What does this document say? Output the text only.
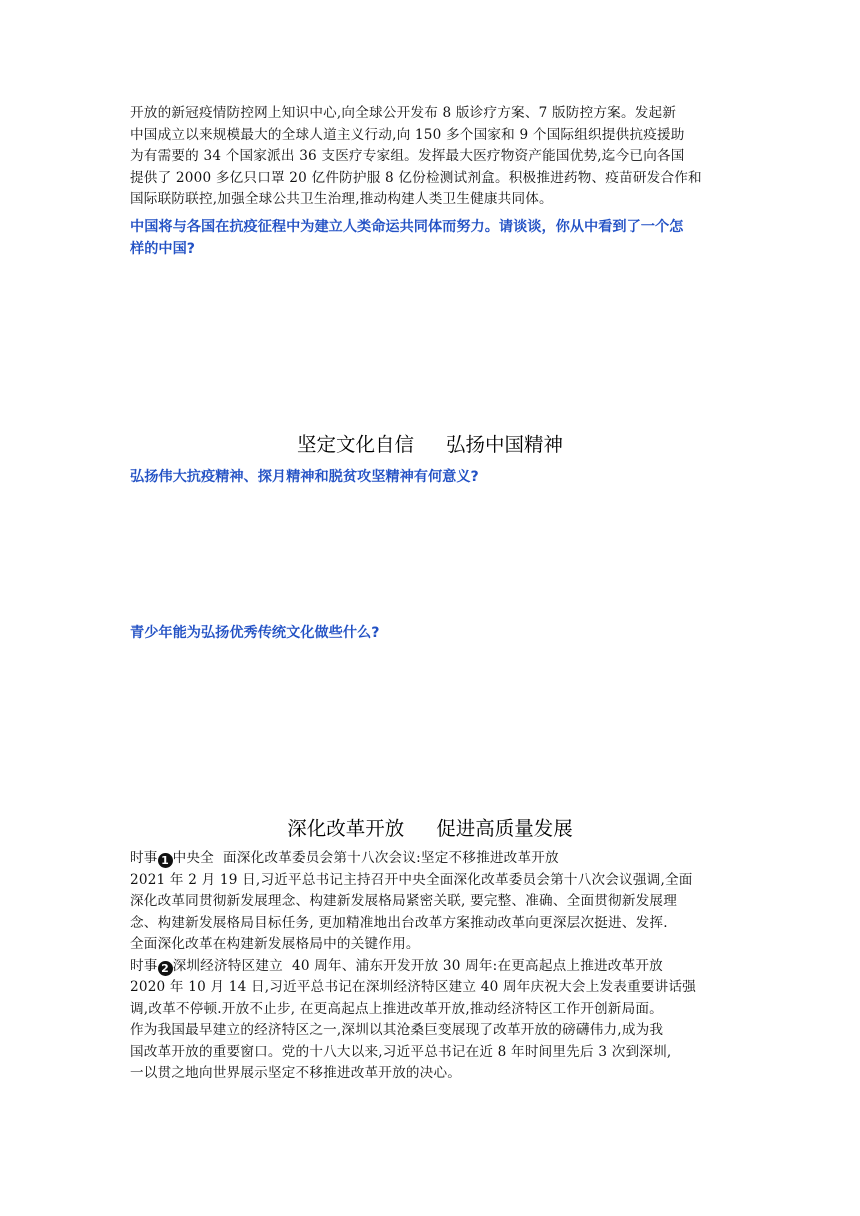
开放的新冠疫情防控网上知识中心,向全球公开发布 8 版诊疗方案、7 版防控方案。发起新
中国成立以来规模最大的全球人道主义行动,向 150 多个国家和 9 个国际组织提供抗疫援助
为有需要的 34 个国家派出 36 支医疗专家组。发挥最大医疗物资产能国优势,迄今已向各国
提供了 2000 多亿只口罩 20 亿件防护服 8 亿份检测试剂盒。积极推进药物、疫苗研发合作和
国际联防联控,加强全球公共卫生治理,推动构建人类卫生健康共同体。
中国将与各国在抗疫征程中为建立人类命运共同体而努力。请谈谈，你从中看到了一个怎
样的中国?
坚定文化自信 弘扬中国精神
弘扬伟大抗疫精神、探月精神和脱贫攻坚精神有何意义?
青少年能为弘扬优秀传统文化做些什么?
深化改革开放 促进高质量发展
时事 1 中央全  面深化改革委员会第十八次会议:坚定不移推进改革开放
2021 年 2 月 19 日,习近平总书记主持召开中央全面深化改革委员会第十八次会议强调,全面
深化改革同贯彻新发展理念、构建新发展格局紧密关联, 要完整、准确、全面贯彻新发展理
念、构建新发展格局目标任务, 更加精准地出台改革方案推动改革向更深层次挺进、发挥.
全面深化改革在构建新发展格局中的关键作用。
时事 2 深圳经济特区建立  40 周年、浦东开发开放 30 周年:在更高起点上推进改革开放
2020 年 10 月 14 日,习近平总书记在深圳经济特区建立 40 周年庆祝大会上发表重要讲话强
调,改革不停顿.开放不止步, 在更高起点上推进改革开放,推动经济特区工作开创新局面。
作为我国最早建立的经济特区之一,深圳以其沧桑巨变展现了改革开放的磅礴伟力,成为我
国改革开放的重要窗口。党的十八大以来,习近平总书记在近 8 年时间里先后 3 次到深圳,
一以贯之地向世界展示坚定不移推进改革开放的决心。
